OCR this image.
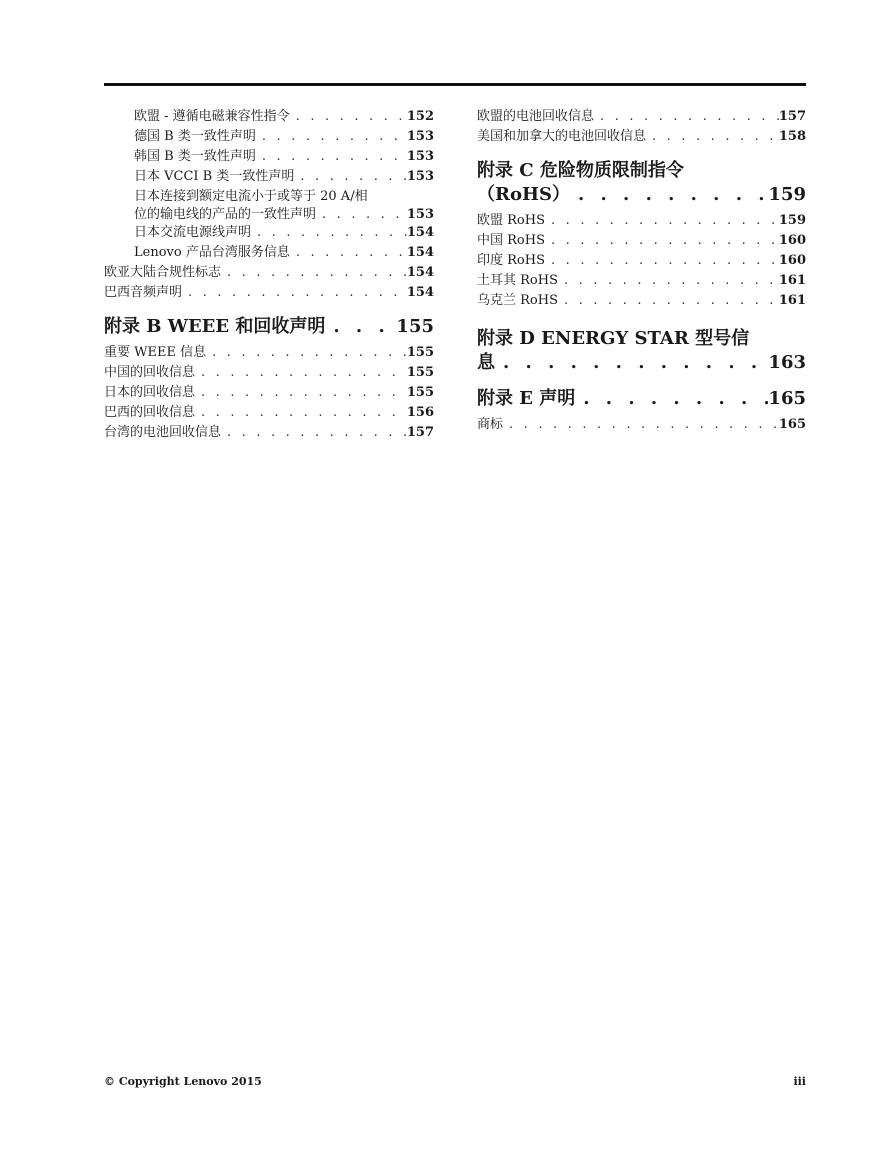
欧盟 - 遵循电磁兼容性指令 . . .	152
德国 B 类一致性声明 . . .	153
韩国 B 类一致性声明 . . .	153
日本 VCCI B 类一致性声明 . . .	153
日本连接到额定电流小于或等于 20 A/相
位的输电线的产品的一致性声明 . . .	153
日本交流电源线声明 . . .	154
Lenovo 产品台湾服务信息 . . .	154
欧亚大陆合规性标志 . . .	154
巴西音频声明 . . .	154
附录 B WEEE 和回收声明 . . .	155
重要 WEEE 信息 . . .	155
中国的回收信息 . . .	155
日本的回收信息 . . .	155
巴西的回收信息 . . .	156
台湾的电池回收信息 . . .	157
欧盟的电池回收信息 . . .	157
美国和加拿大的电池回收信息 . . .	158
附录 C 危险物质限制指令
（RoHS） . . .	159
欧盟 RoHS . . .	159
中国 RoHS . . .	160
印度 RoHS . . .	160
土耳其 RoHS . . .	161
乌克兰 RoHS . . .	161
附录 D ENERGY STAR 型号信
息 . . .	163
附录 E 声明 . . .	165
商标 . . .	165
© Copyright Lenovo 2015	iii
